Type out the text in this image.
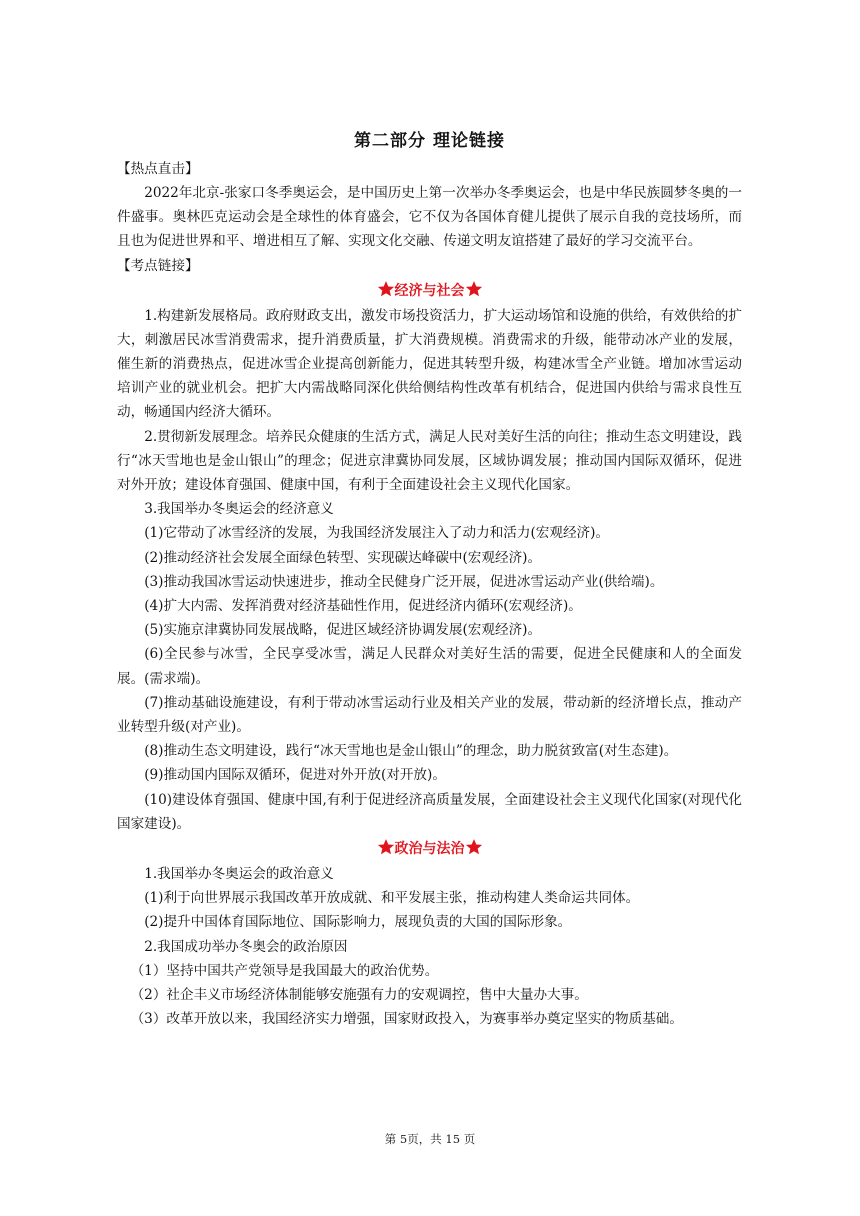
第二部分 理论链接
【热点直击】

2022年北京-张家口冬季奥运会，是中国历史上第一次举办冬季奥运会，也是中华民族圆梦冬奥的一件盛事。奥林匹克运动会是全球性的体育盛会，它不仅为各国体育健儿提供了展示自我的竞技场所，而且也为促进世界和平、增进相互了解、实现文化交融、传递文明友谊搭建了最好的学习交流平台。

【考点链接】
经济与社会

1.构建新发展格局。政府财政支出，激发市场投资活力，扩大运动场馆和设施的供给，有效供给的扩大，刺激居民冰雪消费需求，提升消费质量，扩大消费规模。消费需求的升级，能带动冰产业的发展，催生新的消费热点，促进冰雪企业提高创新能力，促进其转型升级，构建冰雪全产业链。增加冰雪运动培训产业的就业机会。把扩大内需战略同深化供给侧结构性改革有机结合，促进国内供给与需求良性互动，畅通国内经济大循环。

2.贯彻新发展理念。培养民众健康的生活方式，满足人民对美好生活的向往；推动生态文明建设，践行“冰天雪地也是金山银山”的理念；促进京津冀协同发展，区域协调发展；推动国内国际双循环，促进对外开放；建设体育强国、健康中国，有利于全面建设社会主义现代化国家。

3.我国举办冬奥运会的经济意义

(1)它带动了冰雪经济的发展，为我国经济发展注入了动力和活力(宏观经济)。

(2)推动经济社会发展全面绿色转型、实现碳达峰碳中(宏观经济)。

(3)推动我国冰雪运动快速进步，推动全民健身广泛开展，促进冰雪运动产业(供给端)。

(4)扩大内需、发挥消费对经济基础性作用，促进经济内循环(宏观经济)。

(5)实施京津冀协同发展战略，促进区域经济协调发展(宏观经济)。

(6)全民参与冰雪，全民享受冰雪，满足人民群众对美好生活的需要，促进全民健康和人的全面发展。(需求端)。

(7)推动基础设施建设，有利于带动冰雪运动行业及相关产业的发展，带动新的经济增长点，推动产业转型升级(对产业)。

(8)推动生态文明建设，践行“冰天雪地也是金山银山”的理念，助力脱贫致富(对生态建)。

(9)推动国内国际双循环，促进对外开放(对开放)。

(10)建设体育强国、健康中国,有利于促进经济高质量发展，全面建设社会主义现代化国家(对现代化国家建设)。

政治与法治
1.我国举办冬奥运会的政治意义
(1)利于向世界展示我国改革开放成就、和平发展主张，推动构建人类命运共同体。
(2)提升中国体育国际地位、国际影响力，展现负责的大国的国际形象。
2.我国成功举办冬奥会的政治原因
（1）坚持中国共产党领导是我国最大的政治优势。
（2）社企丰义市场经济体制能够安施强有力的安观调控，售中大量办大事。

（3）改革开放以来，我国经济实力增强，国家财政投入，为赛事举办奠定坚实的物质基础。

第 5页，共 15 页
